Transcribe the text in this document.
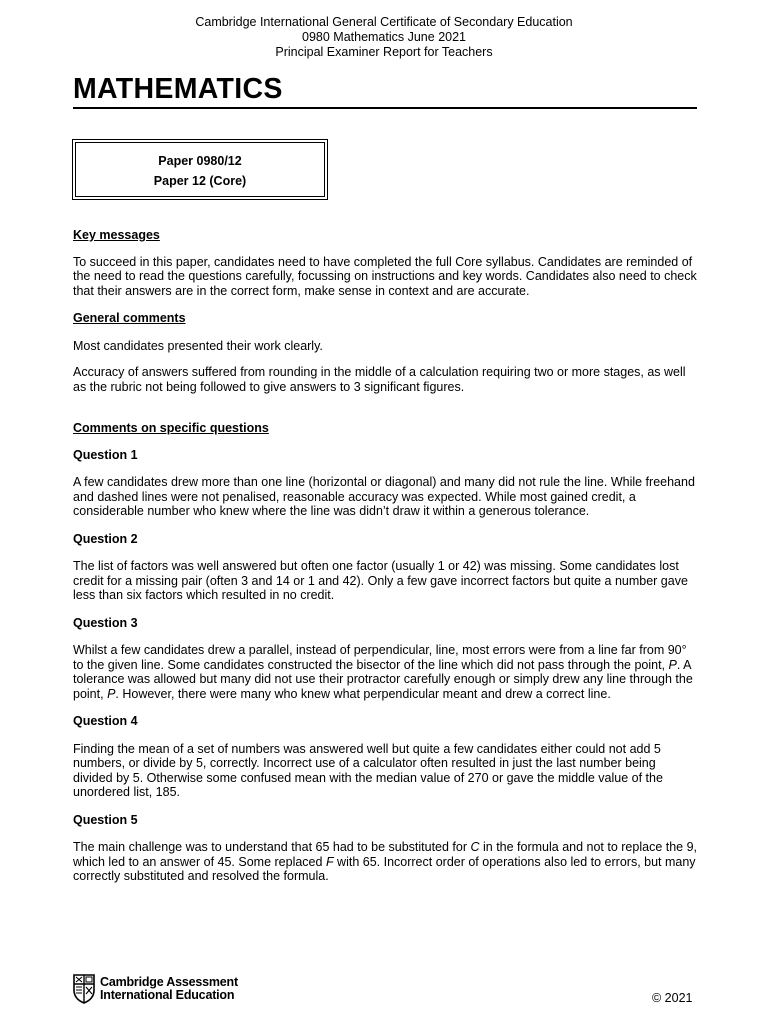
Cambridge International General Certificate of Secondary Education
0980 Mathematics June 2021
Principal Examiner Report for Teachers
MATHEMATICS
Paper 0980/12
Paper 12 (Core)

Key messages

To succeed in this paper, candidates need to have completed the full Core syllabus. Candidates are reminded of the need to read the questions carefully, focussing on instructions and key words. Candidates also need to check that their answers are in the correct form, make sense in context and are accurate.

General comments

Most candidates presented their work clearly.

Accuracy of answers suffered from rounding in the middle of a calculation requiring two or more stages, as well as the rubric not being followed to give answers to 3 significant figures.

Comments on specific questions

Question 1

A few candidates drew more than one line (horizontal or diagonal) and many did not rule the line. While freehand and dashed lines were not penalised, reasonable accuracy was expected. While most gained credit, a considerable number who knew where the line was didn’t draw it within a generous tolerance.

Question 2

The list of factors was well answered but often one factor (usually 1 or 42) was missing. Some candidates lost credit for a missing pair (often 3 and 14 or 1 and 42). Only a few gave incorrect factors but quite a number gave less than six factors which resulted in no credit.

Question 3

Whilst a few candidates drew a parallel, instead of perpendicular, line, most errors were from a line far from 90° to the given line. Some candidates constructed the bisector of the line which did not pass through the point, P. A tolerance was allowed but many did not use their protractor carefully enough or simply drew any line through the point, P. However, there were many who knew what perpendicular meant and drew a correct line.

Question 4

Finding the mean of a set of numbers was answered well but quite a few candidates either could not add 5 numbers, or divide by 5, correctly. Incorrect use of a calculator often resulted in just the last number being divided by 5. Otherwise some confused mean with the median value of 270 or gave the middle value of the unordered list, 185.

Question 5

The main challenge was to understand that 65 had to be substituted for C in the formula and not to replace the 9, which led to an answer of 45. Some replaced F with 65. Incorrect order of operations also led to errors, but many correctly substituted and resolved the formula.

Cambridge Assessment
International Education	© 2021
